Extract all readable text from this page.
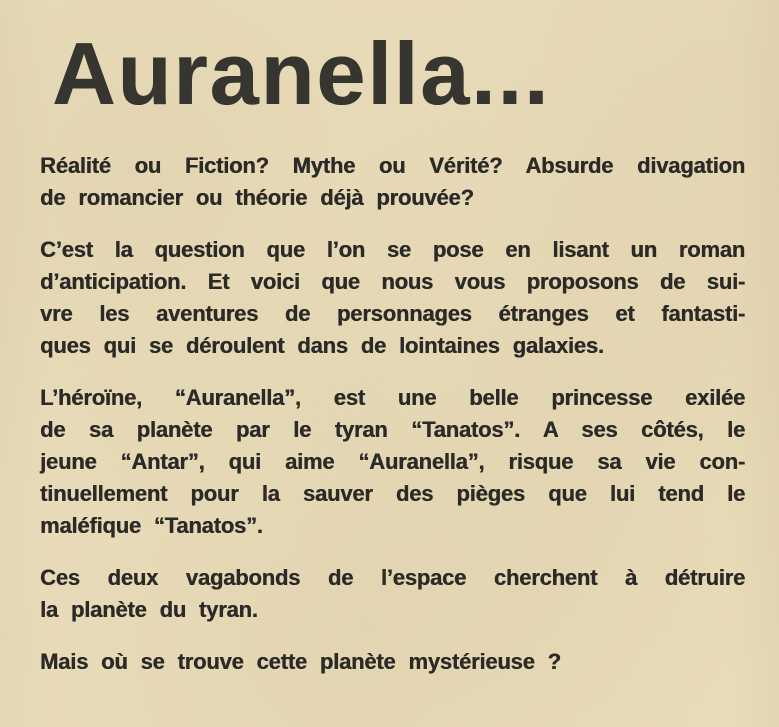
Auranella...
Réalité ou Fiction? Mythe ou Vérité? Absurde divagation
de romancier ou théorie déjà prouvée?
C’est la question que l’on se pose en lisant un roman
d’anticipation. Et voici que nous vous proposons de sui-
vre les aventures de personnages étranges et fantasti-
ques qui se déroulent dans de lointaines galaxies.
L’héroïne, “Auranella”, est une belle princesse exilée
de sa planète par le tyran “Tanatos”. A ses côtés, le
jeune “Antar”, qui aime “Auranella”, risque sa vie con-
tinuellement pour la sauver des pièges que lui tend le
maléfique “Tanatos”.
Ces deux vagabonds de l’espace cherchent à détruire
la planète du tyran.
Mais où se trouve cette planète mystérieuse ?
